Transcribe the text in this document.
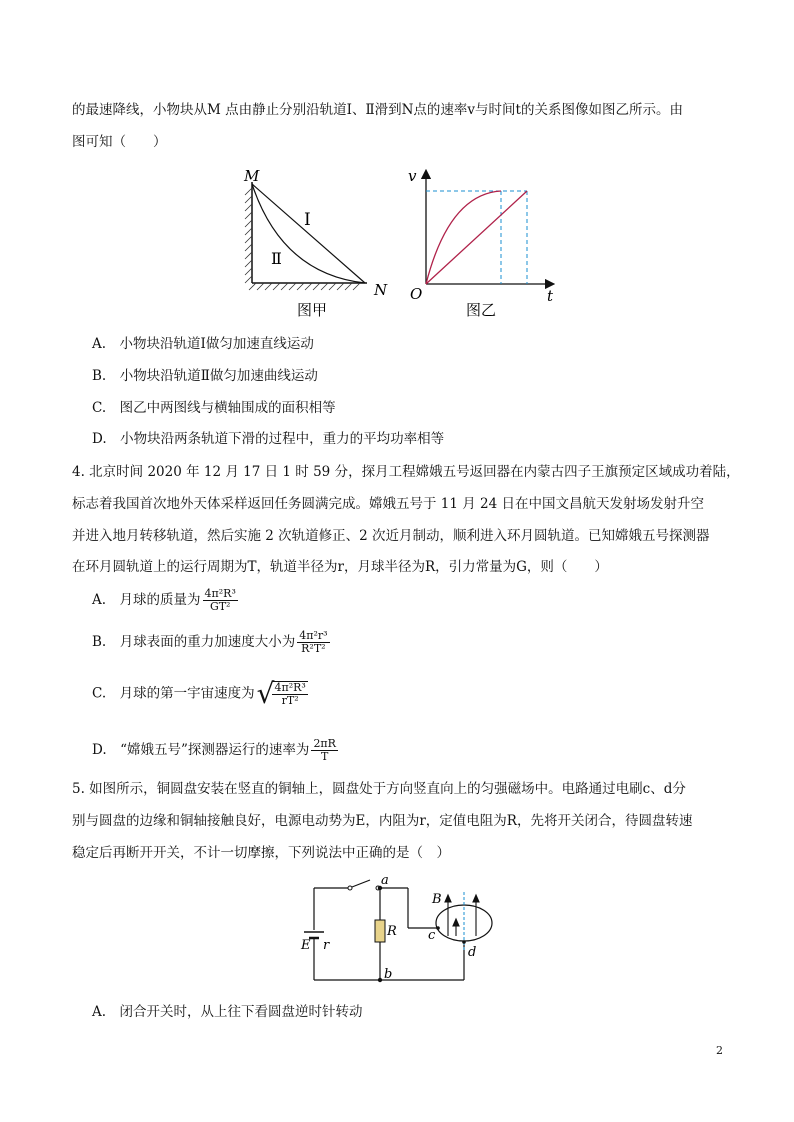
的最速降线，小物块从M 点由静止分别沿轨道Ⅰ、Ⅱ滑到N点的速率v与时间t的关系图像如图乙所示。由
图可知（　　）
M
N
Ⅰ
Ⅱ
图甲
v
t
O
图乙
A.　小物块沿轨道Ⅰ做匀加速直线运动
B.　小物块沿轨道Ⅱ做匀加速曲线运动
C.　图乙中两图线与横轴围成的面积相等
D.　小物块沿两条轨道下滑的过程中，重力的平均功率相等
4. 北京时间 2020 年 12 月 17 日 1 时 59 分，探月工程嫦娥五号返回器在内蒙古四子王旗预定区域成功着陆，
标志着我国首次地外天体采样返回任务圆满完成。嫦娥五号于 11 月 24 日在中国文昌航天发射场发射升空
并进入地月转移轨道，然后实施 2 次轨道修正、2 次近月制动，顺利进入环月圆轨道。已知嫦娥五号探测器
在环月圆轨道上的运行周期为T，轨道半径为r，月球半径为R，引力常量为G，则（　　）
A.　月球的质量为 $\frac{\text{4π²R³}}{\text{GT²}}$
B.　月球表面的重力加速度大小为 $\frac{\text{4π²r³}}{\text{R²T²}}$
C.　月球的第一宇宙速度为√
$\frac{\text{4π²R³}}{\text{rT²}}$
D.　“嫦娥五号”探测器运行的速率为 $\frac{2\pi R}{T}$
5. 如图所示，铜圆盘安装在竖直的铜轴上，圆盘处于方向竖直向上的匀强磁场中。电路通过电刷c、d分
别与圆盘的边缘和铜轴接触良好，电源电动势为E，内阻为r，定值电阻为R，先将开关闭合，待圆盘转速
稳定后再断开开关，不计一切摩擦，下列说法中正确的是（　）
a
b
c
d
B
R
E r
A.　闭合开关时，从上往下看圆盘逆时针转动
2
